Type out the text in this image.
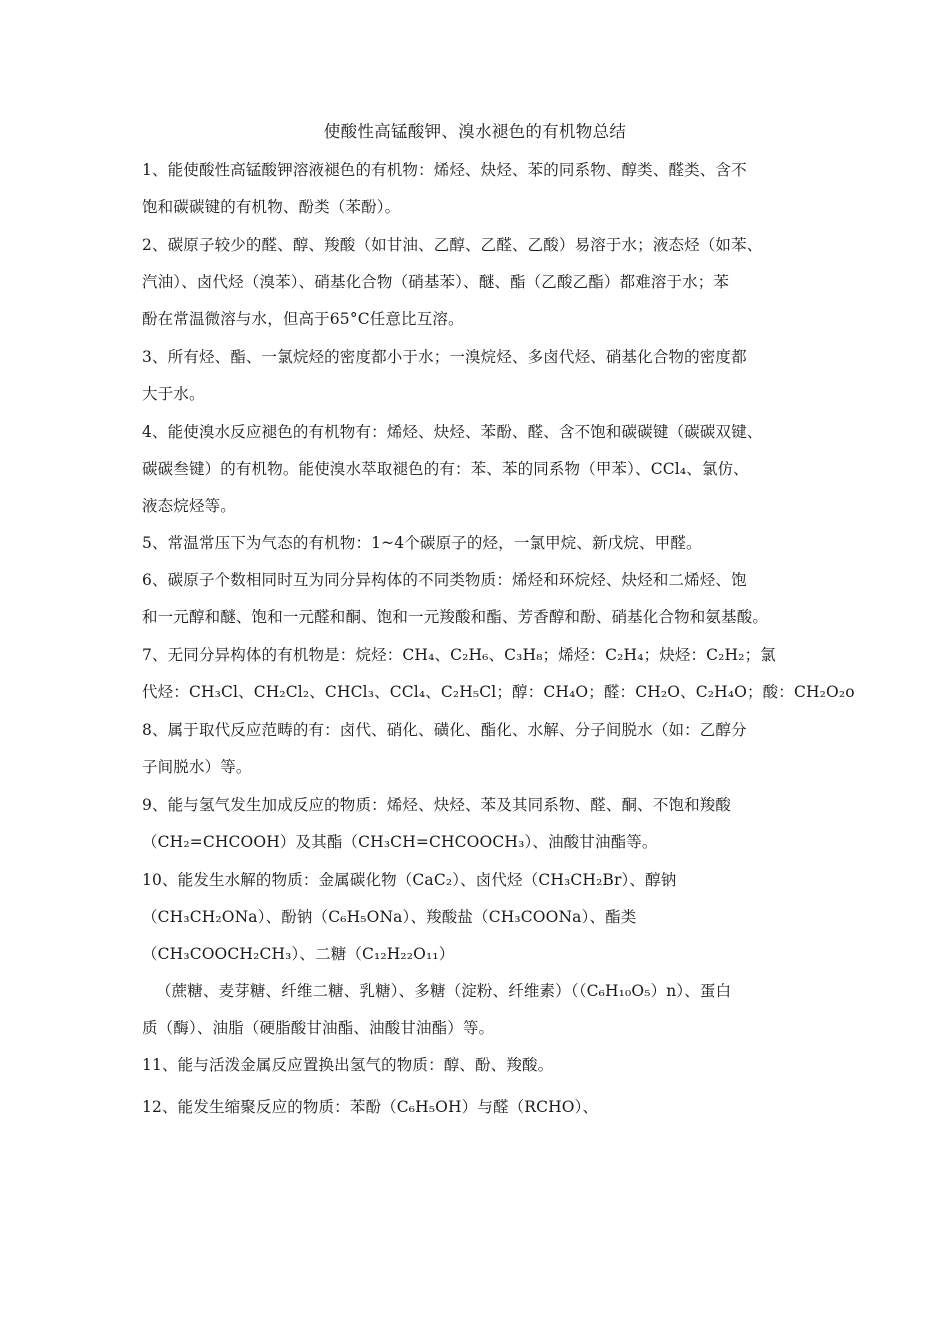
使酸性高锰酸钾、溴水褪色的有机物总结
1、能使酸性高锰酸钾溶液褪色的有机物：烯烃、炔烃、苯的同系物、醇类、醛类、含不
饱和碳碳键的有机物、酚类（苯酚）。
2、碳原子较少的醛、醇、羧酸（如甘油、乙醇、乙醛、乙酸）易溶于水；液态烃（如苯、
汽油）、卤代烃（溴苯）、硝基化合物（硝基苯）、醚、酯（乙酸乙酯）都难溶于水；苯
酚在常温微溶与水，但高于65°C任意比互溶。
3、所有烃、酯、一氯烷烃的密度都小于水；一溴烷烃、多卤代烃、硝基化合物的密度都
大于水。
4、能使溴水反应褪色的有机物有：烯烃、炔烃、苯酚、醛、含不饱和碳碳键（碳碳双键、
碳碳叁键）的有机物。能使溴水萃取褪色的有：苯、苯的同系物（甲苯）、CCl₄、氯仿、
液态烷烃等。
5、常温常压下为气态的有机物：1~4个碳原子的烃，一氯甲烷、新戊烷、甲醛。
6、碳原子个数相同时互为同分异构体的不同类物质：烯烃和环烷烃、炔烃和二烯烃、饱
和一元醇和醚、饱和一元醛和酮、饱和一元羧酸和酯、芳香醇和酚、硝基化合物和氨基酸。
7、无同分异构体的有机物是：烷烃：CH₄、C₂H₆、C₃H₈；烯烃：C₂H₄；炔烃：C₂H₂；氯
代烃：CH₃Cl、CH₂Cl₂、CHCl₃、CCl₄、C₂H₅Cl；醇：CH₄O；醛：CH₂O、C₂H₄O；酸：CH₂O₂o
8、属于取代反应范畴的有：卤代、硝化、磺化、酯化、水解、分子间脱水（如：乙醇分
子间脱水）等。
9、能与氢气发生加成反应的物质：烯烃、炔烃、苯及其同系物、醛、酮、不饱和羧酸
（CH₂=CHCOOH）及其酯（CH₃CH=CHCOOCH₃）、油酸甘油酯等。
10、能发生水解的物质：金属碳化物（CaC₂）、卤代烃（CH₃CH₂Br）、醇钠
（CH₃CH₂ONa）、酚钠（C₆H₅ONa）、羧酸盐（CH₃COONa）、酯类
（CH₃COOCH₂CH₃）、二糖（C₁₂H₂₂O₁₁）
（蔗糖、麦芽糖、纤维二糖、乳糖）、多糖（淀粉、纤维素）（（C₆H₁₀O₅）n）、蛋白
质（酶）、油脂（硬脂酸甘油酯、油酸甘油酯）等。
11、能与活泼金属反应置换出氢气的物质：醇、酚、羧酸。
12、能发生缩聚反应的物质：苯酚（C₆H₅OH）与醛（RCHO）、
